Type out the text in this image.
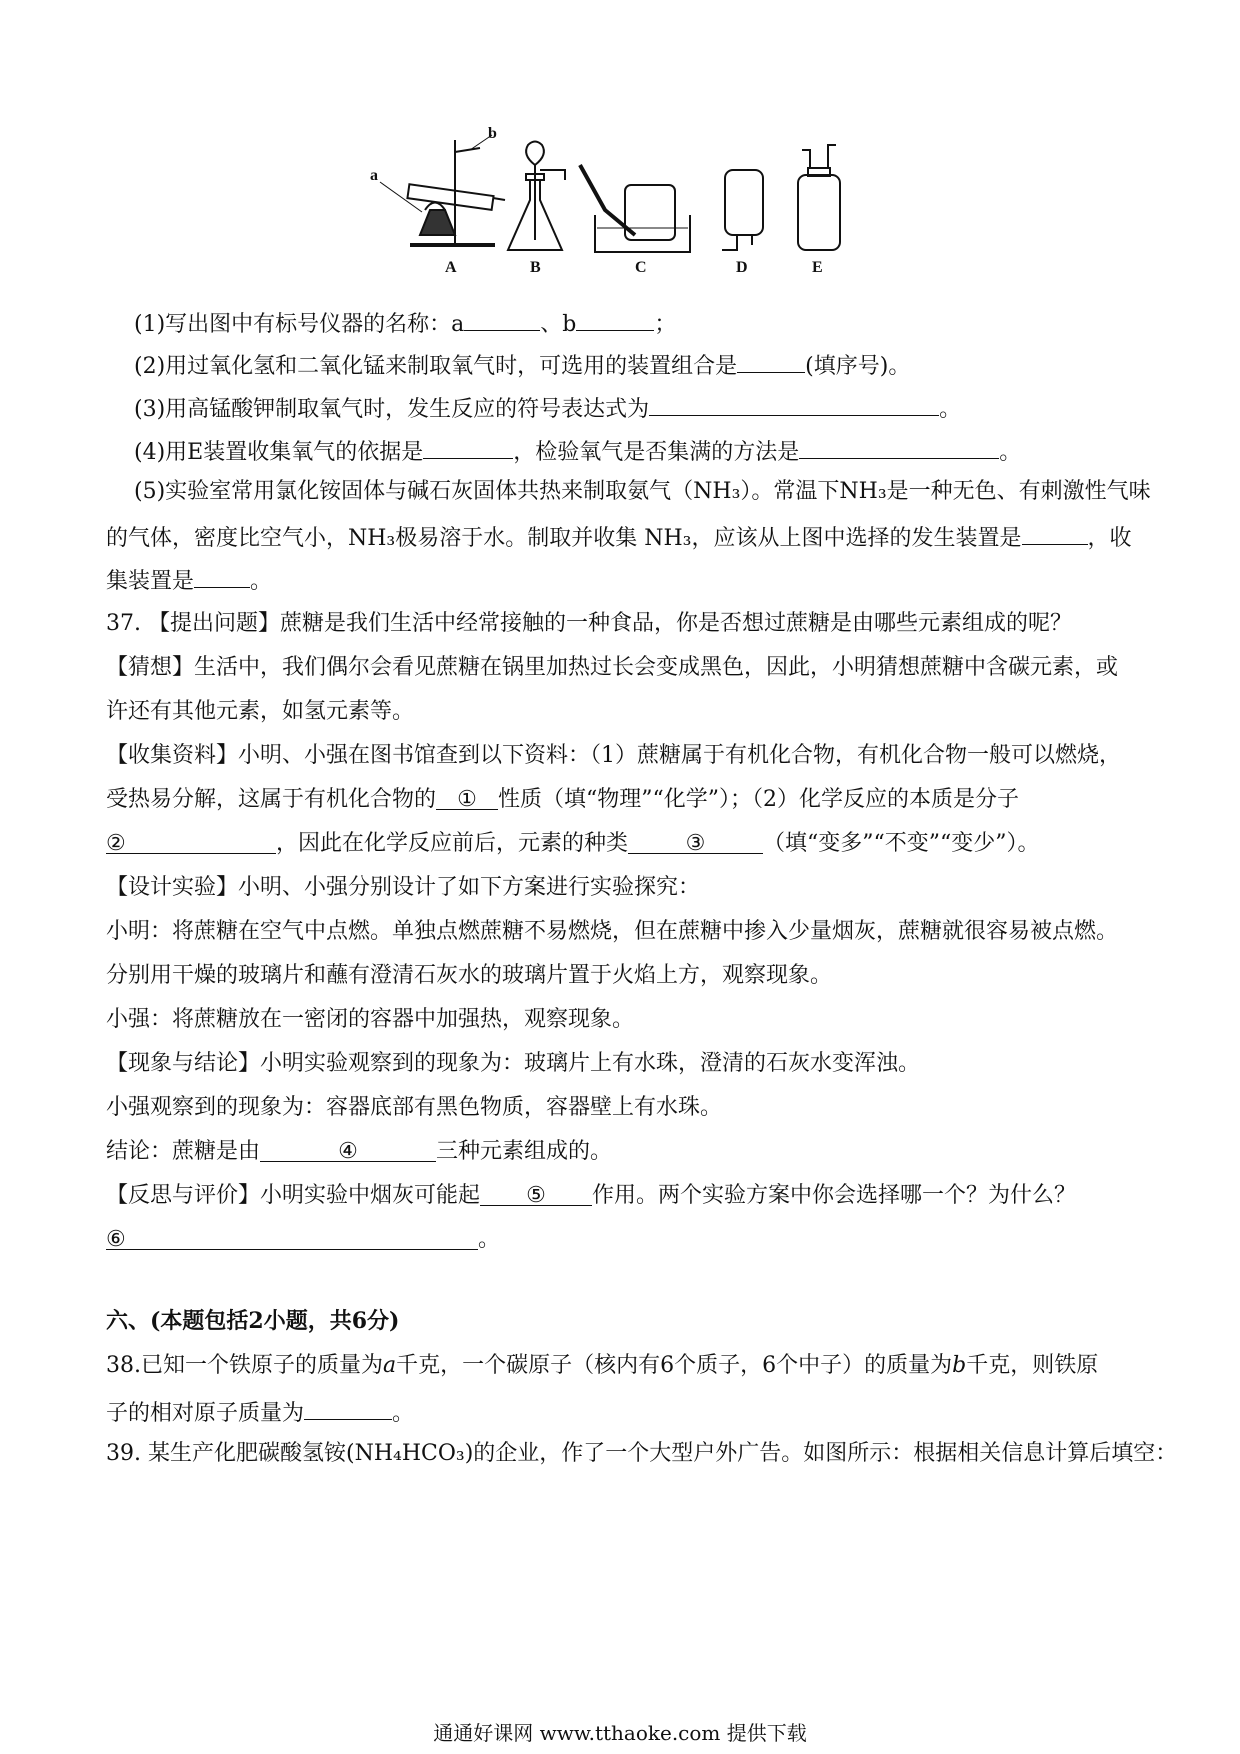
a
b
A	B	C	D	E
(1)写出图中有标号仪器的名称：a	、b	；
(2)用过氧化氢和二氧化锰来制取氧气时，可选用的装置组合是	(填序号)。
(3)用高锰酸钾制取氧气时，发生反应的符号表达式为	。
(4)用E装置收集氧气的依据是	，检验氧气是否集满的方法是	。
(5)实验室常用氯化铵固体与碱石灰固体共热来制取氨气（NH₃）。常温下NH₃是一种无色、有刺激性气味
的气体，密度比空气小，NH₃极易溶于水。制取并收集 NH₃，应该从上图中选择的发生装置是	，收
集装置是	。
37. 【提出问题】蔗糖是我们生活中经常接触的一种食品，你是否想过蔗糖是由哪些元素组成的呢？
【猜想】生活中，我们偶尔会看见蔗糖在锅里加热过长会变成黑色，因此，小明猜想蔗糖中含碳元素，或
许还有其他元素，如氢元素等。
【收集资料】小明、小强在图书馆查到以下资料：（1）蔗糖属于有机化合物，有机化合物一般可以燃烧，
受热易分解，这属于有机化合物的 ① 性质（填“物理”“化学”）；（2）化学反应的本质是分子
②	，因此在化学反应前后，元素的种类	③	（填“变多”“不变”“变少”）。
【设计实验】小明、小强分别设计了如下方案进行实验探究：
小明：将蔗糖在空气中点燃。单独点燃蔗糖不易燃烧，但在蔗糖中掺入少量烟灰，蔗糖就很容易被点燃。
分别用干燥的玻璃片和蘸有澄清石灰水的玻璃片置于火焰上方，观察现象。
小强：将蔗糖放在一密闭的容器中加强热，观察现象。
【现象与结论】小明实验观察到的现象为：玻璃片上有水珠，澄清的石灰水变浑浊。
小强观察到的现象为：容器底部有黑色物质，容器壁上有水珠。
结论：蔗糖是由	④	三种元素组成的。
【反思与评价】小明实验中烟灰可能起 ⑤ 作用。两个实验方案中你会选择哪一个？为什么？
⑥	。
六、(本题包括2小题，共6分)
38.已知一个铁原子的质量为a千克，一个碳原子（核内有6个质子，6个中子）的质量为b千克，则铁原
子的相对原子质量为	。
39. 某生产化肥碳酸氢铵(NH₄HCO₃)的企业，作了一个大型户外广告。如图所示：根据相关信息计算后填空：
通通好课网 www.tthaoke.com 提供下载
